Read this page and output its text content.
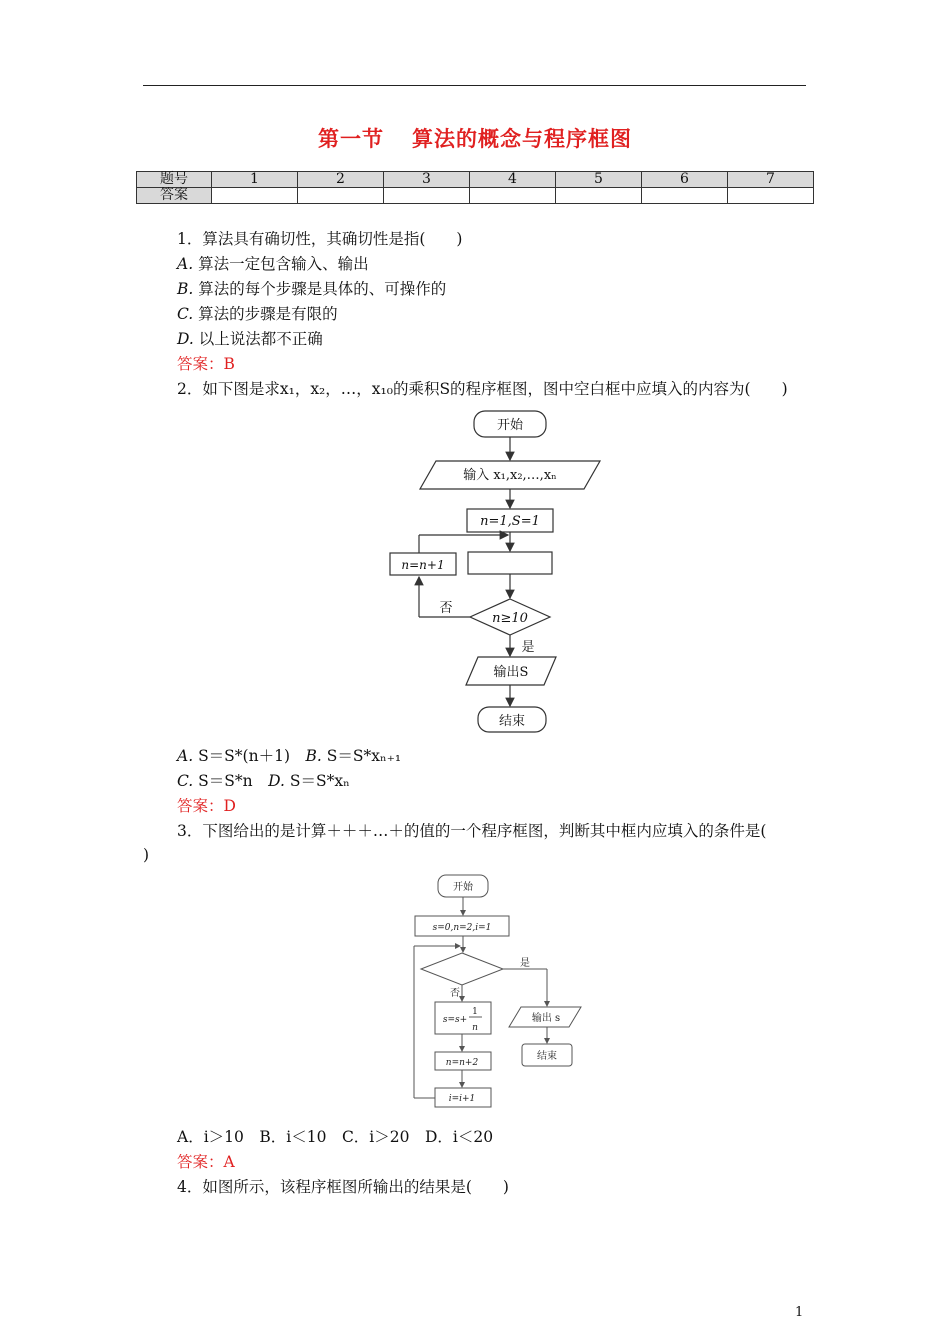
第一节 算法的概念与程序框图
题号	1	2	3	4	5	6	7
答案							
1．算法具有确切性，其确切性是指(　　)
A. 算法一定包含输入、输出
B. 算法的每个步骤是具体的、可操作的
C. 算法的步骤是有限的
D. 以上说法都不正确
答案：B
2．如下图是求x₁，x₂，…，x₁₀的乘积S的程序框图，图中空白框中应填入的内容为(　　)
开始
输入 x₁,x₂,…,xₙ
n=1,S=1
n=n+1
否
n≥10
是
输出S
结束
A. S＝S*(n＋1)　 B. S＝S*xₙ₊₁
C. S＝S*n　 D. S＝S*xₙ
答案：D
3．下图给出的是计算＋＋＋…＋的值的一个程序框图，判断其中框内应填入的条件是(
)
开始
s=0,n=2,i=1
是
否
s=s+
1
n
n=n+2
i=i+1
输出 s
结束
A．i＞10　B．i＜10　C．i＞20　D．i＜20
答案：A
4．如图所示，该程序框图所输出的结果是(　　)
1
